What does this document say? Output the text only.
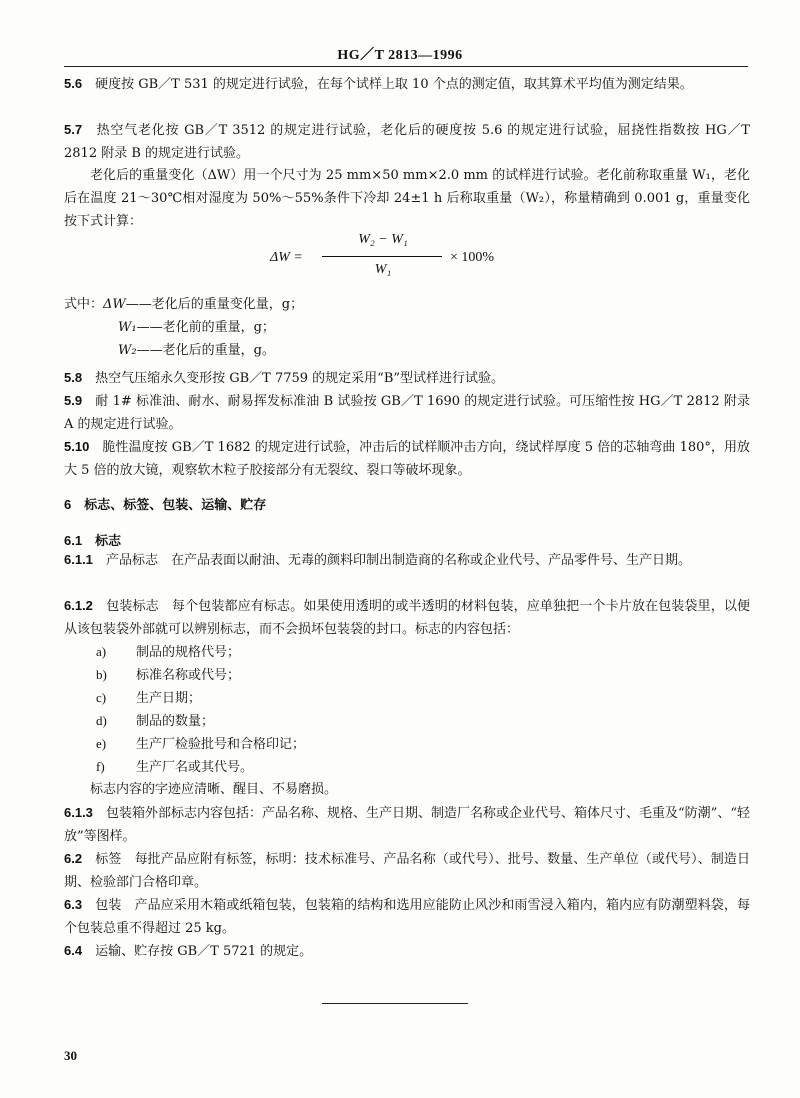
HG／T 2813—1996
5.6　 硬度按 GB／T 531 的规定进行试验，在每个试样上取 10 个点的测定值，取其算术平均值为测定结果。
5.7　 热空气老化按 GB／T 3512 的规定进行试验，老化后的硬度按 5.6 的规定进行试验，屈挠性指数按 HG／T 2812 附录 B 的规定进行试验。
老化后的重量变化（ΔW）用一个尺寸为 25 mm×50 mm×2.0 mm 的试样进行试验。老化前称取重量 W₁，老化后在温度 21～30℃相对湿度为 50%～55%条件下冷却 24±1 h 后称取重量（W₂），称量精确到 0.001 g，重量变化按下式计算：
ΔW =
W₂ − W₁
W₁
× 100%
式中：ΔW——老化后的重量变化量，g；
W₁——老化前的重量，g；
W₂——老化后的重量，g。
5.8　 热空气压缩永久变形按 GB／T 7759 的规定采用“B”型试样进行试验。
5.9　 耐 1# 标准油、耐水、耐易挥发标准油 B 试验按 GB／T 1690 的规定进行试验。可压缩性按 HG／T 2812 附录 A 的规定进行试验。
5.10　 脆性温度按 GB／T 1682 的规定进行试验，冲击后的试样顺冲击方向，绕试样厚度 5 倍的芯轴弯曲 180°，用放大 5 倍的放大镜，观察软木粒子胶接部分有无裂纹、裂口等破坏现象。
6　标志、标签、包装、运输、贮存
6.1　标志
6.1.1　 产品标志　在产品表面以耐油、无毒的颜料印制出制造商的名称或企业代号、产品零件号、生产日期。
6.1.2　 包装标志　每个包装都应有标志。如果使用透明的或半透明的材料包装，应单独把一个卡片放在包装袋里，以便从该包装袋外部就可以辨别标志，而不会损坏包装袋的封口。标志的内容包括：
a) 制品的规格代号；
b) 标准名称或代号；
c) 生产日期；
d) 制品的数量；
e) 生产厂检验批号和合格印记；
f) 生产厂名或其代号。
标志内容的字迹应清晰、醒目、不易磨损。
6.1.3　 包装箱外部标志内容包括：产品名称、规格、生产日期、制造厂名称或企业代号、箱体尺寸、毛重及“防潮”、“轻放”等图样。
6.2　 标签　每批产品应附有标签，标明：技术标准号、产品名称（或代号）、批号、数量、生产单位（或代号）、制造日期、检验部门合格印章。
6.3　 包装　产品应采用木箱或纸箱包装，包装箱的结构和选用应能防止风沙和雨雪浸入箱内，箱内应有防潮塑料袋，每个包装总重不得超过 25 kg。
6.4　 运输、贮存按 GB／T 5721 的规定。
30
